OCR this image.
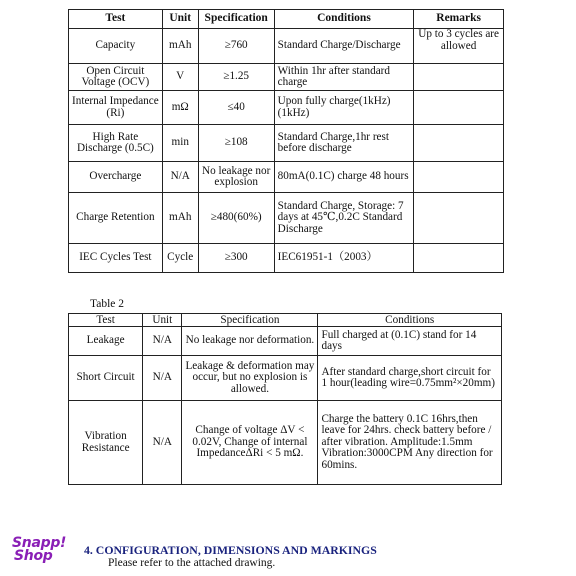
Test	Unit	Specification	Conditions	Remarks
Capacity	mAh	≥760	Standard Charge/Discharge	Up to 3 cycles are allowed
Open Circuit Voltage (OCV)	V	≥1.25	Within 1hr after standard charge	
Internal Impedance (Ri)	mΩ	≤40	Upon fully charge(1kHz) (1kHz)	
High Rate Discharge (0.5C)	min	≥108	Standard Charge,1hr rest before discharge	
Overcharge	N/A	No leakage nor explosion	80mA(0.1C) charge 48 hours	
Charge Retention	mAh	≥480(60%)	Standard Charge, Storage: 7 days at 45℃,0.2C Standard Discharge	
IEC Cycles Test	Cycle	≥300	IEC61951-1（2003）	
Table 2
Test	Unit	Specification	Conditions
Leakage	N/A	No leakage nor deformation.	Full charged at (0.1C) stand for 14 days
Short Circuit	N/A	Leakage & deformation may occur, but no explosion is allowed.	After standard charge,short circuit for 1 hour(leading wire=0.75mm²×20mm)
Vibration Resistance	N/A	Change of voltage ΔV < 0.02V, Change of internal ImpedanceΔRi < 5 mΩ.	Charge the battery 0.1C 16hrs,then leave for 24hrs. check battery before / after vibration. Amplitude:1.5mm Vibration:3000CPM Any direction for 60mins.
Snapp!
Shop	4. CONFIGURATION, DIMENSIONS AND MARKINGS
Please refer to the attached drawing.
